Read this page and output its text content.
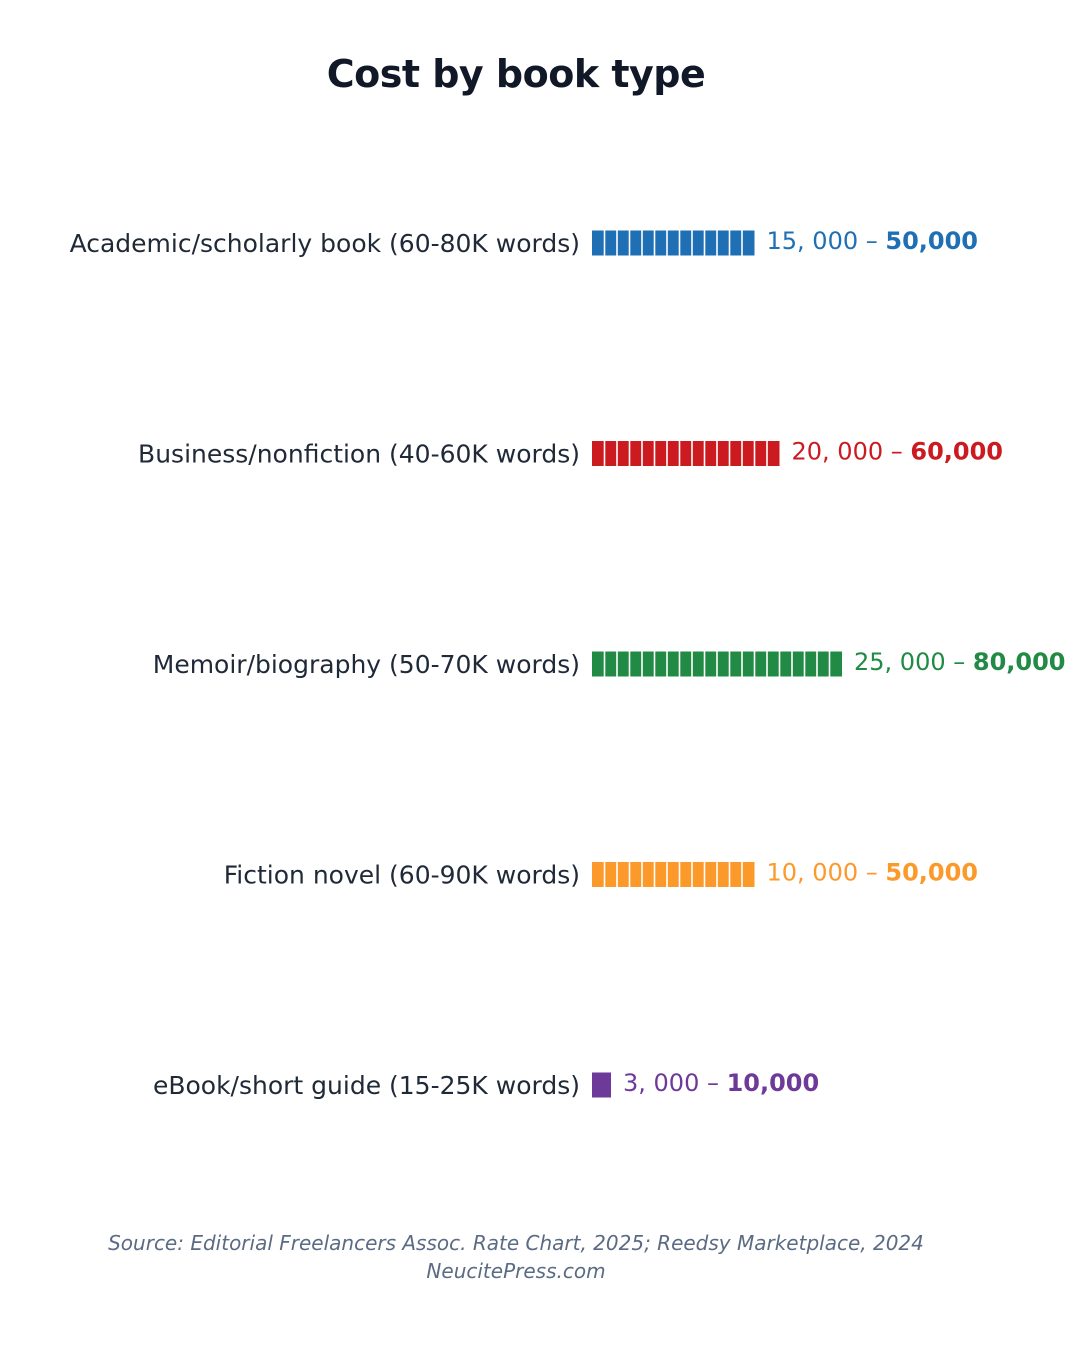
Cost by book type
Academic/scholarly book (60-80K words)	15, 000 – 50,000
Business/nonfiction (40-60K words)	20, 000 – 60,000
Memoir/biography (50-70K words)	25, 000 – 80,000
Fiction novel (60-90K words)	10, 000 – 50,000
eBook/short guide (15-25K words) 3, 000 – 10,000
Source: Editorial Freelancers Assoc. Rate Chart, 2025; Reedsy Marketplace, 2024
NeucitePress.com
